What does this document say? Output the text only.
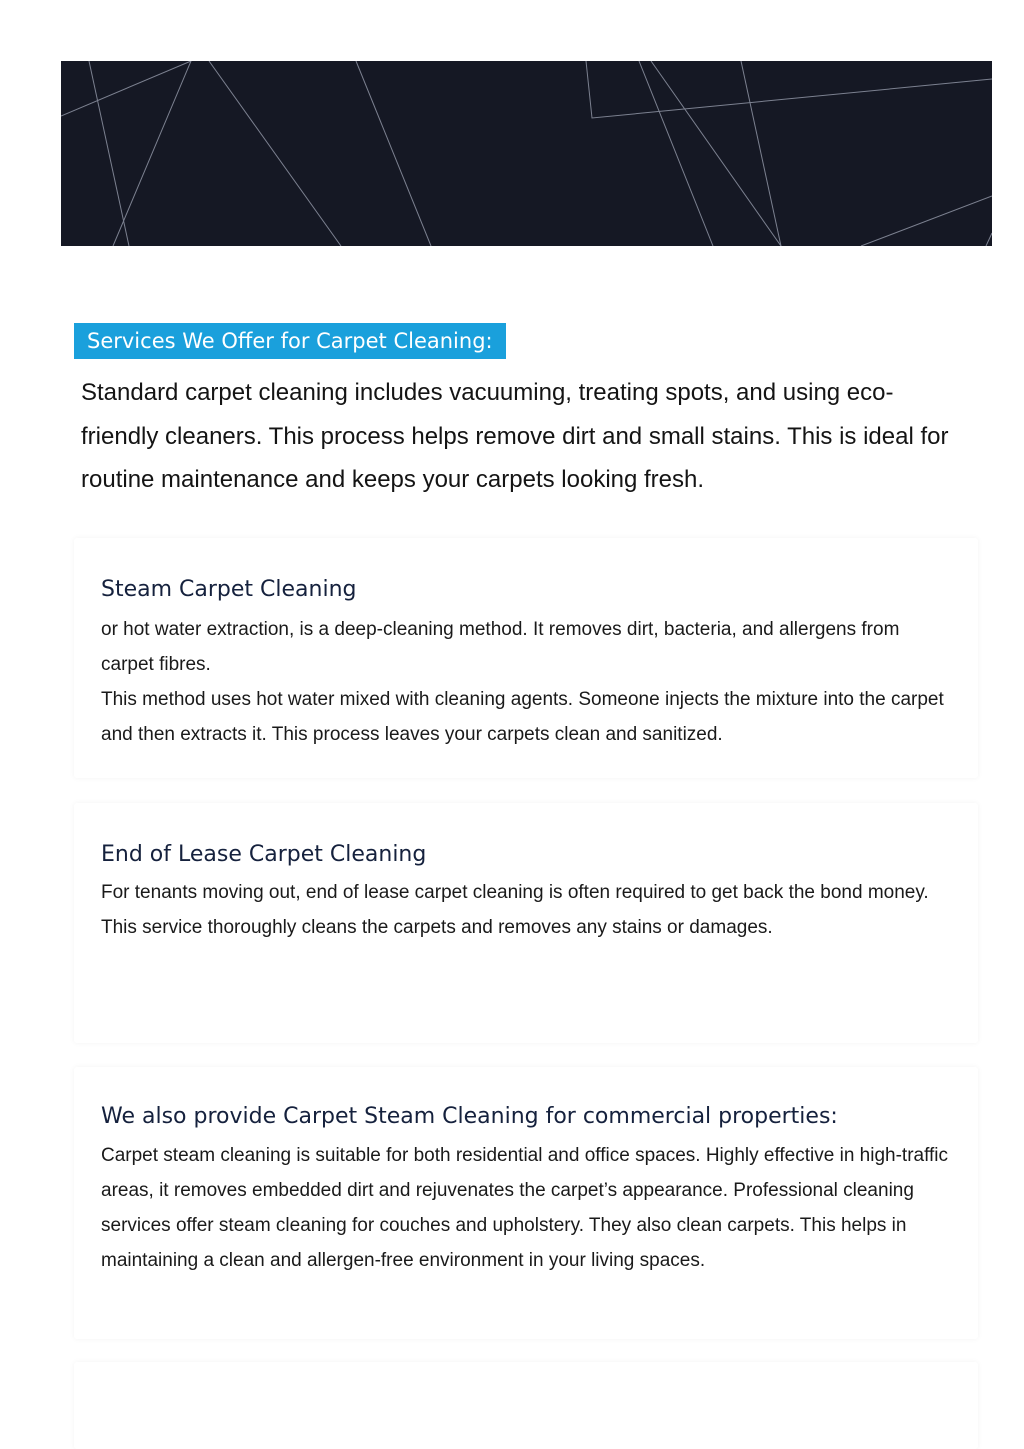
Services We Offer for Carpet Cleaning:

Standard carpet cleaning includes vacuuming, treating spots, and using eco-friendly cleaners. This process helps remove dirt and small stains. This is ideal for routine maintenance and keeps your carpets looking fresh.

Steam Carpet Cleaning

or hot water extraction, is a deep-cleaning method. It removes dirt, bacteria, and allergens from carpet fibres.

This method uses hot water mixed with cleaning agents. Someone injects the mixture into the carpet and then extracts it. This process leaves your carpets clean and sanitized.

End of Lease Carpet Cleaning

For tenants moving out, end of lease carpet cleaning is often required to get back the bond money. This service thoroughly cleans the carpets and removes any stains or damages.

We also provide Carpet Steam Cleaning for commercial properties:

Carpet steam cleaning is suitable for both residential and office spaces. Highly effective in high-traffic areas, it removes embedded dirt and rejuvenates the carpet’s appearance. Professional cleaning services offer steam cleaning for couches and upholstery. They also clean carpets. This helps in maintaining a clean and allergen-free environment in your living spaces.
